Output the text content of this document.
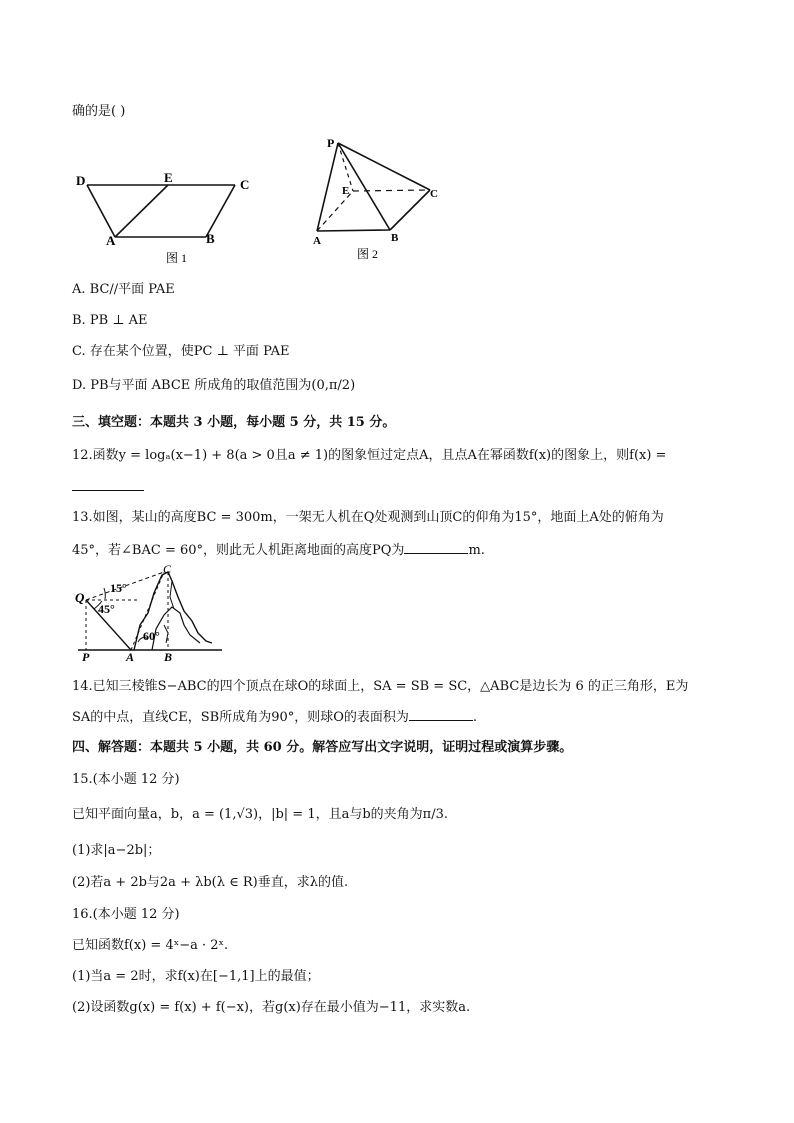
确的是( )
D	E	C
A	B
图 1
P
E	C
A	B
图 2
A. BC//平面 PAE
B. PB ⊥ AE
C. 存在某个位置，使PC ⊥ 平面 PAE
D. PB与平面 ABCE 所成角的取值范围为(0,π/2)
三、填空题：本题共 3 小题，每小题 5 分，共 15 分。
12.函数y = logₐ(x−1) + 8(a > 0且a ≠ 1)的图象恒过定点A，且点A在幂函数f(x)的图象上，则f(x) =
13.如图，某山的高度BC = 300m，一架无人机在Q处观测到山顶C的仰角为15°，地面上A处的俯角为
45°，若∠BAC = 60°，则此无人机距离地面的高度PQ为	m.
Q
C
P	A B
15°
45°
60°
14.已知三棱锥S−ABC的四个顶点在球O的球面上，SA = SB = SC，△ABC是边长为 6 的正三角形，E为
SA的中点，直线CE，SB所成角为90°，则球O的表面积为	.
四、解答题：本题共 5 小题，共 60 分。解答应写出文字说明，证明过程或演算步骤。
15.(本小题 12 分)
已知平面向量a，b，a = (1,√3)，|b| = 1，且a与b的夹角为π/3.
(1)求|a−2b|；
(2)若a + 2b与2a + λb(λ ∈ R)垂直，求λ的值.
16.(本小题 12 分)
已知函数f(x) = 4ˣ−a · 2ˣ.
(1)当a = 2时，求f(x)在[−1,1]上的最值；
(2)设函数g(x) = f(x) + f(−x)，若g(x)存在最小值为−11，求实数a.
